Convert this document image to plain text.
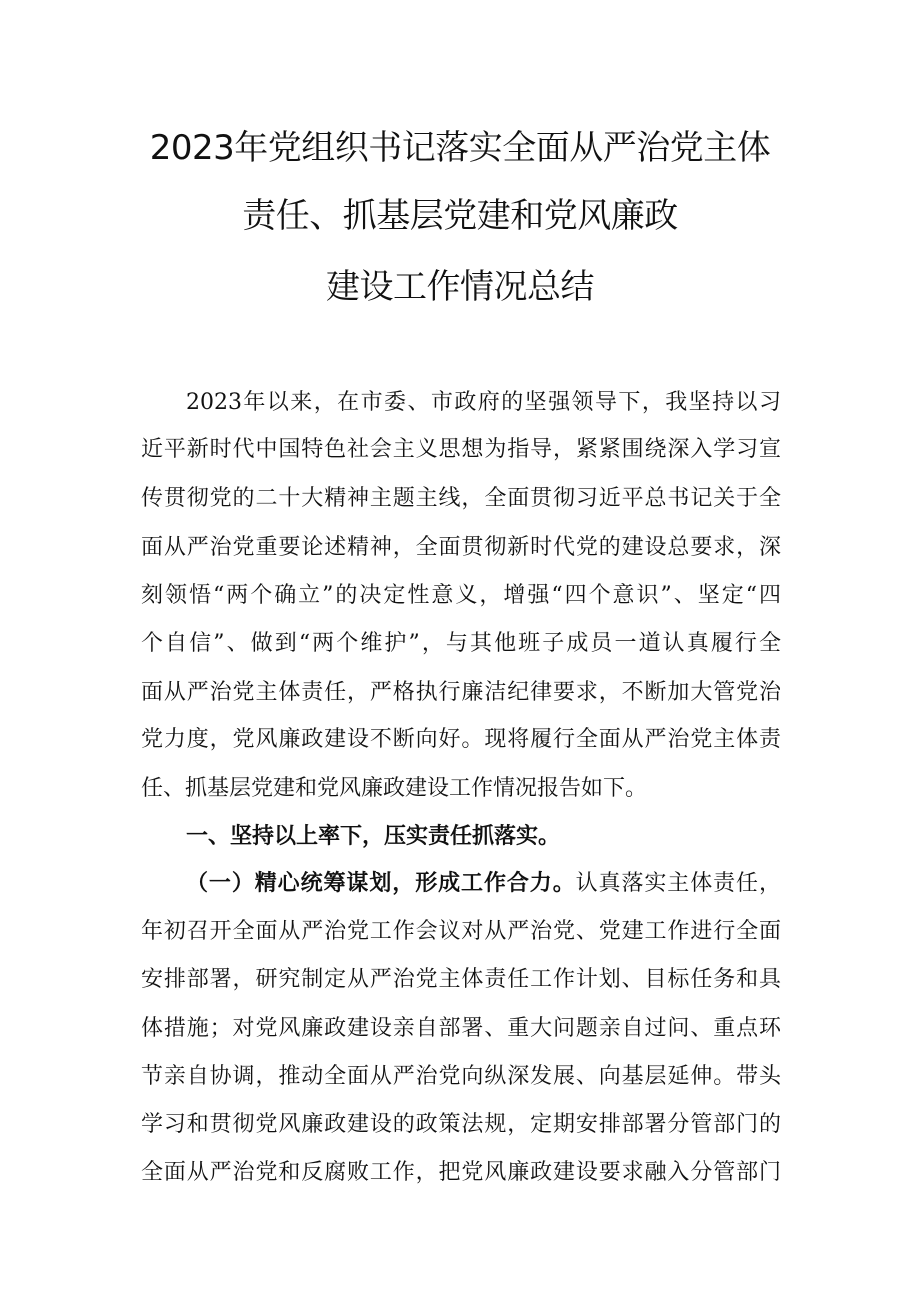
2023年党组织书记落实全面从严治党主体
责任、抓基层党建和党风廉政
建设工作情况总结
2023年以来，在市委、市政府的坚强领导下，我坚持以习
近平新时代中国特色社会主义思想为指导，紧紧围绕深入学习宣
传贯彻党的二十大精神主题主线，全面贯彻习近平总书记关于全
面从严治党重要论述精神，全面贯彻新时代党的建设总要求，深
刻领悟“两个确立”的决定性意义，增强“四个意识”、坚定“四
个自信”、做到“两个维护”，与其他班子成员一道认真履行全
面从严治党主体责任，严格执行廉洁纪律要求，不断加大管党治
党力度，党风廉政建设不断向好。现将履行全面从严治党主体责
任、抓基层党建和党风廉政建设工作情况报告如下。
一、坚持以上率下，压实责任抓落实。
（一）精心统筹谋划，形成工作合力。认真落实主体责任，
年初召开全面从严治党工作会议对从严治党、党建工作进行全面
安排部署，研究制定从严治党主体责任工作计划、目标任务和具
体措施；对党风廉政建设亲自部署、重大问题亲自过问、重点环
节亲自协调，推动全面从严治党向纵深发展、向基层延伸。带头
学习和贯彻党风廉政建设的政策法规，定期安排部署分管部门的
全面从严治党和反腐败工作，把党风廉政建设要求融入分管部门
